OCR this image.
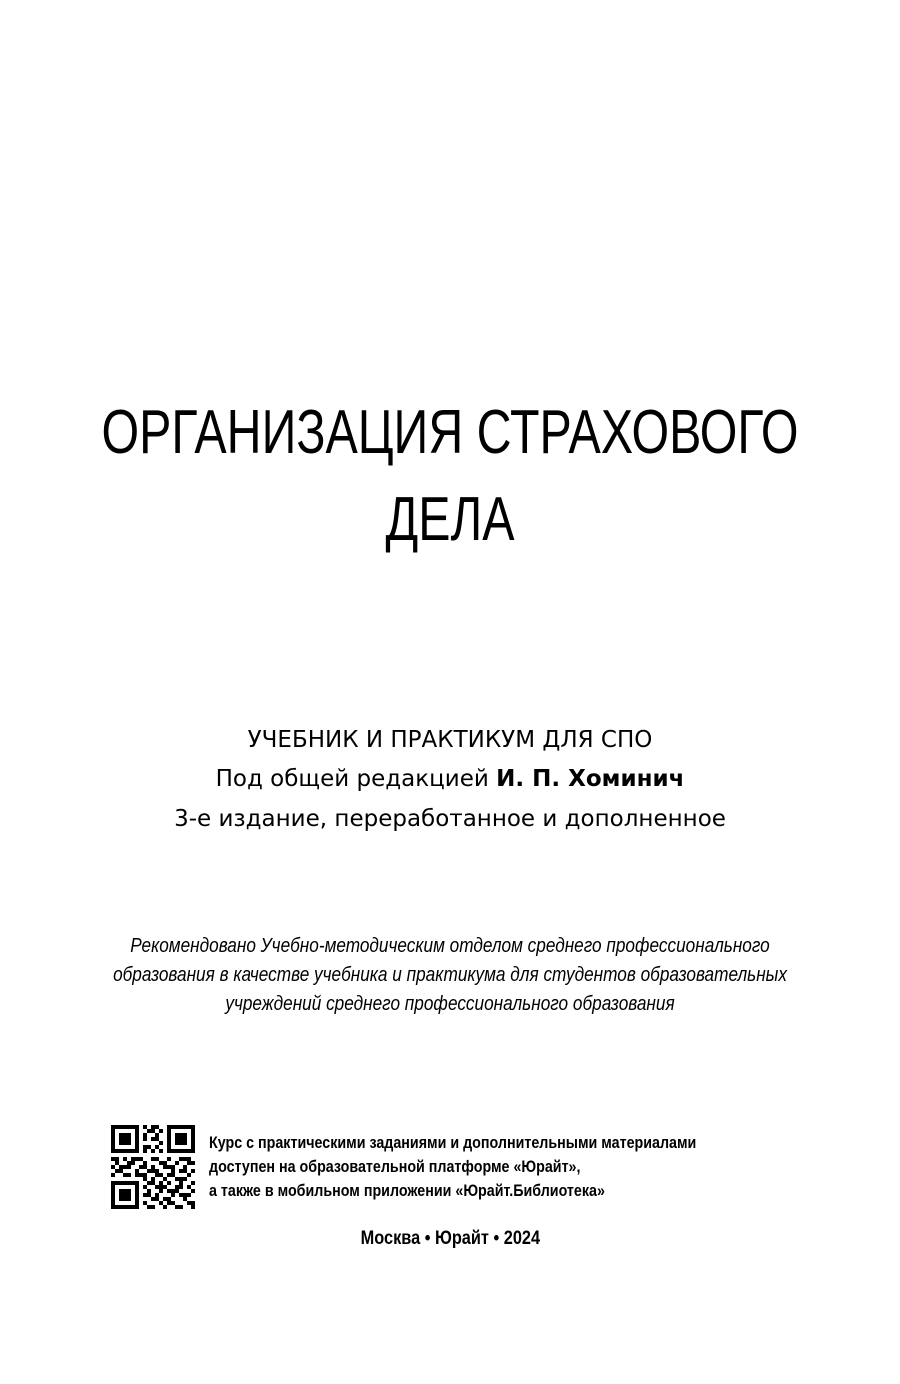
ОРГАНИЗАЦИЯ СТРАХОВОГО
ДЕЛА
УЧЕБНИК И ПРАКТИКУМ ДЛЯ СПО
Под общей редакцией И. П. Хоминич
3-е издание, переработанное и дополненное
Рекомендовано Учебно-методическим отделом среднего профессионального
образования в качестве учебника и практикума для студентов образовательных
учреждений среднего профессионального образования
Курс с практическими заданиями и дополнительными материалами
доступен на образовательной платформе «Юрайт»,
а также в мобильном приложении «Юрайт.Библиотека»
Москва • Юрайт • 2024
